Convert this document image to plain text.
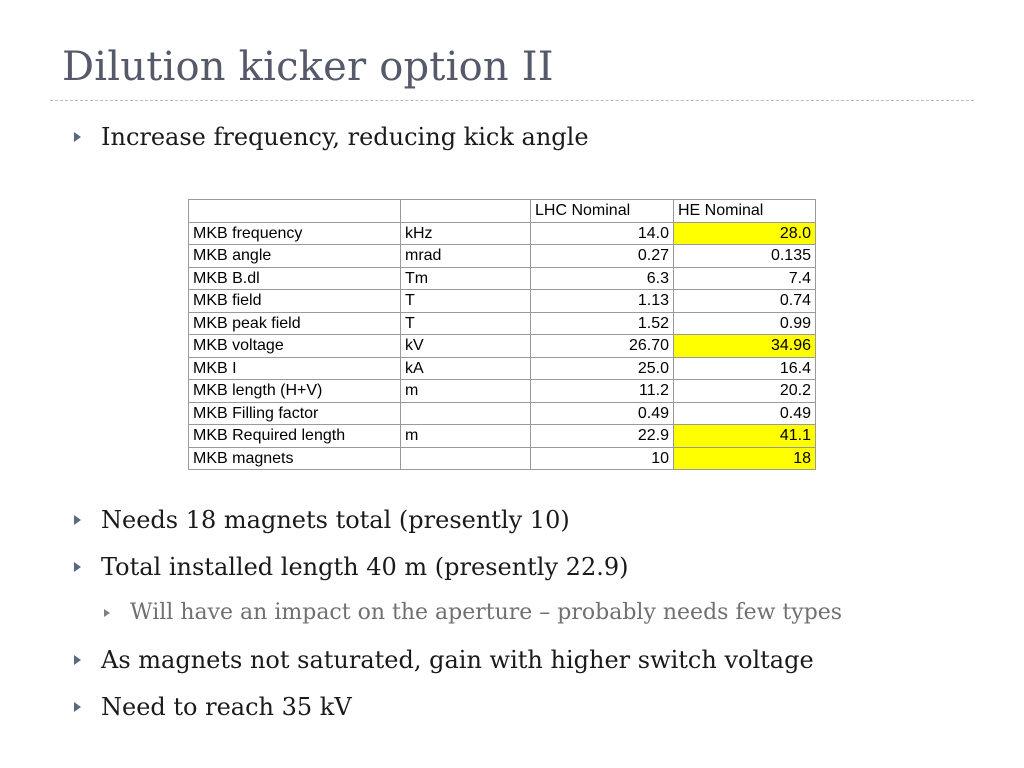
Dilution kicker option II
Increase frequency, reducing kick angle
		LHC Nominal	HE Nominal
MKB frequency	kHz	14.0	28.0
MKB angle	mrad	0.27	0.135
MKB B.dl	Tm	6.3	7.4
MKB field	T	1.13	0.74
MKB peak field	T	1.52	0.99
MKB voltage	kV	26.70	34.96
MKB I	kA	25.0	16.4
MKB length (H+V)	m	11.2	20.2
MKB Filling factor		0.49	0.49
MKB Required length	m	22.9	41.1
MKB magnets		10	18
Needs 18 magnets total (presently 10)
Total installed length 40 m (presently 22.9)
Will have an impact on the aperture – probably needs few types
As magnets not saturated, gain with higher switch voltage
Need to reach 35 kV
